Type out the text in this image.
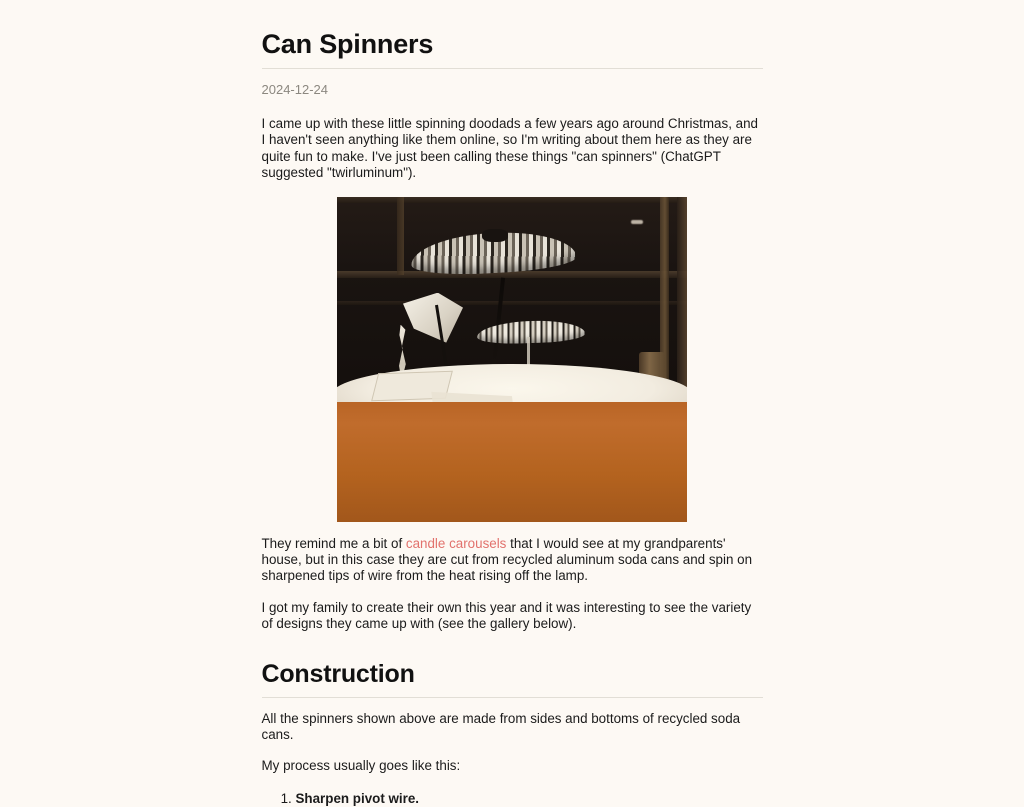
Can Spinners
2024-12-24

I came up with these little spinning doodads a few years ago around Christmas, and I haven't seen anything like them online, so I'm writing about them here as they are quite fun to make. I've just been calling these things "can spinners" (ChatGPT suggested "twirluminum").

They remind me a bit of candle carousels that I would see at my grandparents' house, but in this case they are cut from recycled aluminum soda cans and spin on sharpened tips of wire from the heat rising off the lamp.

I got my family to create their own this year and it was interesting to see the variety of designs they came up with (see the gallery below).

Construction

All the spinners shown above are made from sides and bottoms of recycled soda cans.

My process usually goes like this:

1. Sharpen pivot wire.
